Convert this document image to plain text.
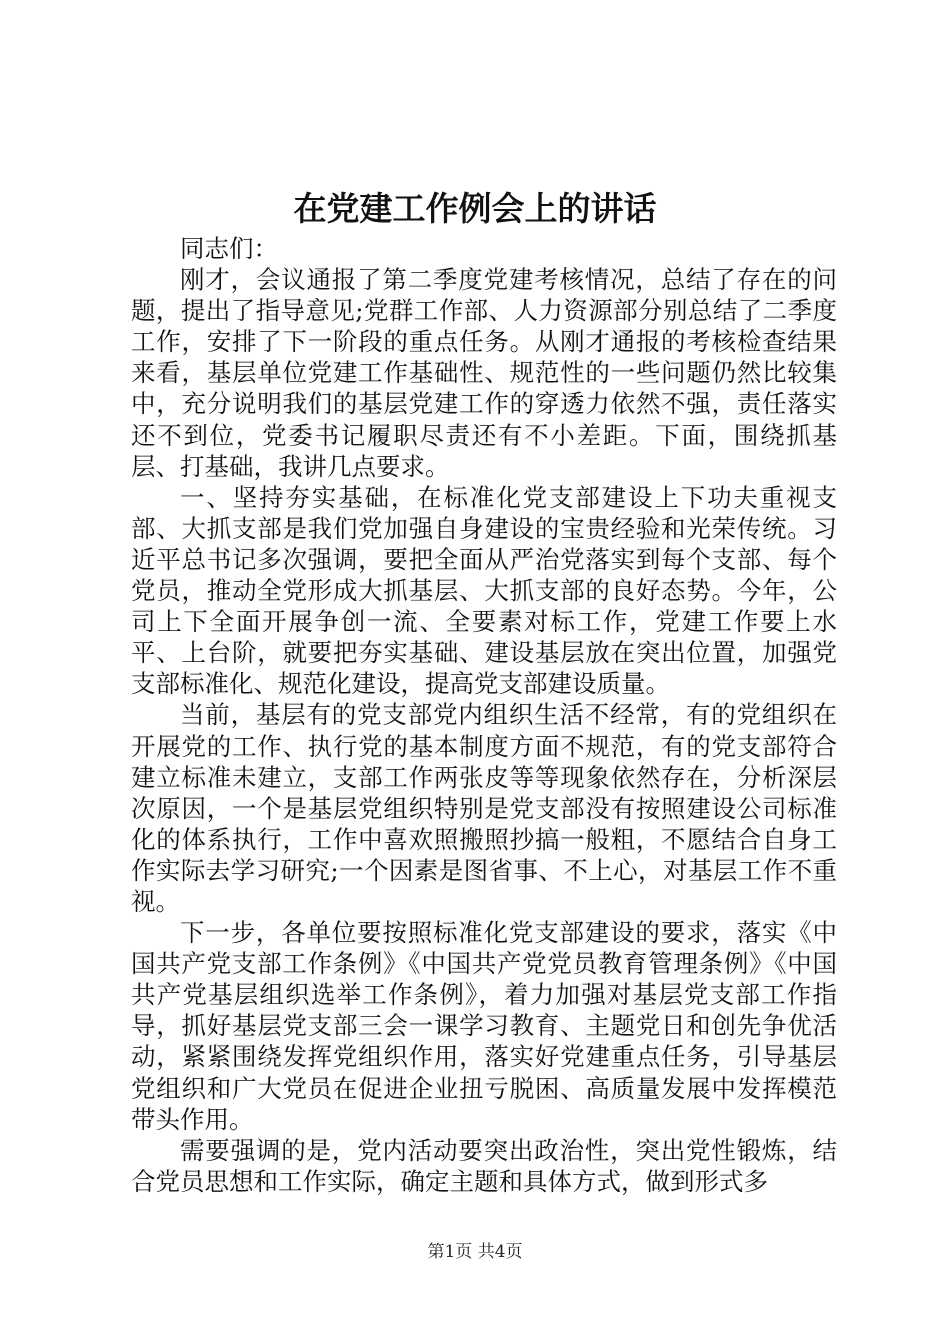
在党建工作例会上的讲话

同志们：

刚才，会议通报了第二季度党建考核情况，总结了存在的问题，提出了指导意见;党群工作部、人力资源部分别总结了二季度工作，安排了下一阶段的重点任务。从刚才通报的考核检查结果来看，基层单位党建工作基础性、规范性的一些问题仍然比较集中，充分说明我们的基层党建工作的穿透力依然不强，责任落实还不到位，党委书记履职尽责还有不小差距。下面，围绕抓基层、打基础，我讲几点要求。

一、坚持夯实基础，在标准化党支部建设上下功夫重视支部、大抓支部是我们党加强自身建设的宝贵经验和光荣传统。习近平总书记多次强调，要把全面从严治党落实到每个支部、每个党员，推动全党形成大抓基层、大抓支部的良好态势。今年，公司上下全面开展争创一流、全要素对标工作，党建工作要上水平、上台阶，就要把夯实基础、建设基层放在突出位置，加强党支部标准化、规范化建设，提高党支部建设质量。

当前，基层有的党支部党内组织生活不经常，有的党组织在开展党的工作、执行党的基本制度方面不规范，有的党支部符合建立标准未建立，支部工作两张皮等等现象依然存在，分析深层次原因，一个是基层党组织特别是党支部没有按照建设公司标准化的体系执行，工作中喜欢照搬照抄搞一般粗，不愿结合自身工作实际去学习研究;一个因素是图省事、不上心，对基层工作不重视。

下一步，各单位要按照标准化党支部建设的要求，落实《中国共产党支部工作条例》《中国共产党党员教育管理条例》《中国共产党基层组织选举工作条例》，着力加强对基层党支部工作指导，抓好基层党支部三会一课学习教育、主题党日和创先争优活动，紧紧围绕发挥党组织作用，落实好党建重点任务，引导基层党组织和广大党员在促进企业扭亏脱困、高质量发展中发挥模范带头作用。

需要强调的是，党内活动要突出政治性，突出党性锻炼，结合党员思想和工作实际，确定主题和具体方式，做到形式多

第1页 共4页
